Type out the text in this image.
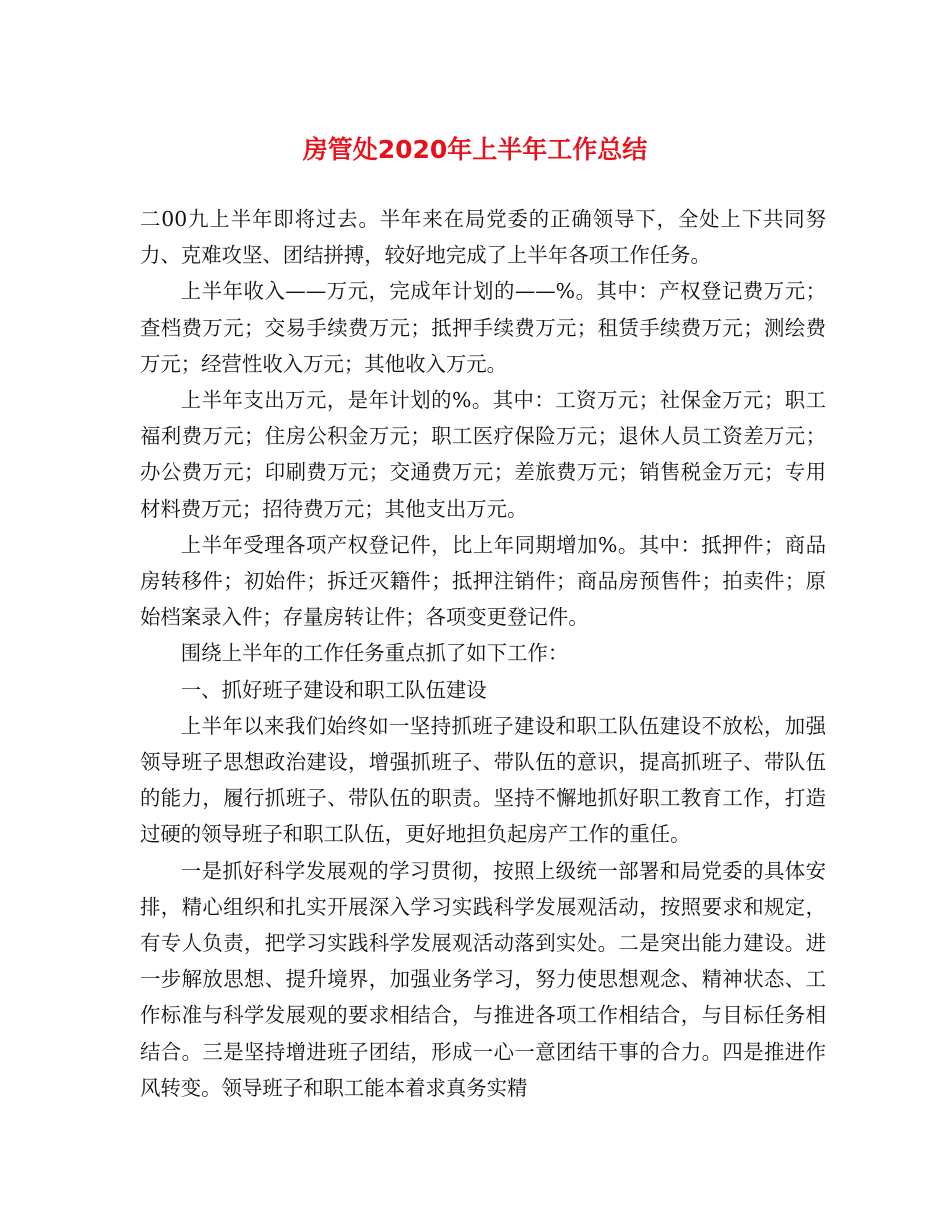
房管处2020年上半年工作总结

二00九上半年即将过去。半年来在局党委的正确领导下，全处上下共同努力、克难攻坚、团结拼搏，较好地完成了上半年各项工作任务。

上半年收入——万元，完成年计划的——%。其中：产权登记费万元；查档费万元；交易手续费万元；抵押手续费万元；租赁手续费万元；测绘费万元；经营性收入万元；其他收入万元。

上半年支出万元，是年计划的%。其中：工资万元；社保金万元；职工福利费万元；住房公积金万元；职工医疗保险万元；退休人员工资差万元；办公费万元；印刷费万元；交通费万元；差旅费万元；销售税金万元；专用材料费万元；招待费万元；其他支出万元。

上半年受理各项产权登记件，比上年同期增加%。其中：抵押件；商品房转移件；初始件；拆迁灭籍件；抵押注销件；商品房预售件；拍卖件；原始档案录入件；存量房转让件；各项变更登记件。

围绕上半年的工作任务重点抓了如下工作：

一、抓好班子建设和职工队伍建设

上半年以来我们始终如一坚持抓班子建设和职工队伍建设不放松，加强领导班子思想政治建设，增强抓班子、带队伍的意识，提高抓班子、带队伍的能力，履行抓班子、带队伍的职责。坚持不懈地抓好职工教育工作，打造过硬的领导班子和职工队伍，更好地担负起房产工作的重任。

一是抓好科学发展观的学习贯彻，按照上级统一部署和局党委的具体安排，精心组织和扎实开展深入学习实践科学发展观活动，按照要求和规定，有专人负责，把学习实践科学发展观活动落到实处。二是突出能力建设。进一步解放思想、提升境界，加强业务学习，努力使思想观念、精神状态、工作标准与科学发展观的要求相结合，与推进各项工作相结合，与目标任务相结合。三是坚持增进班子团结，形成一心一意团结干事的合力。四是推进作风转变。领导班子和职工能本着求真务实精
